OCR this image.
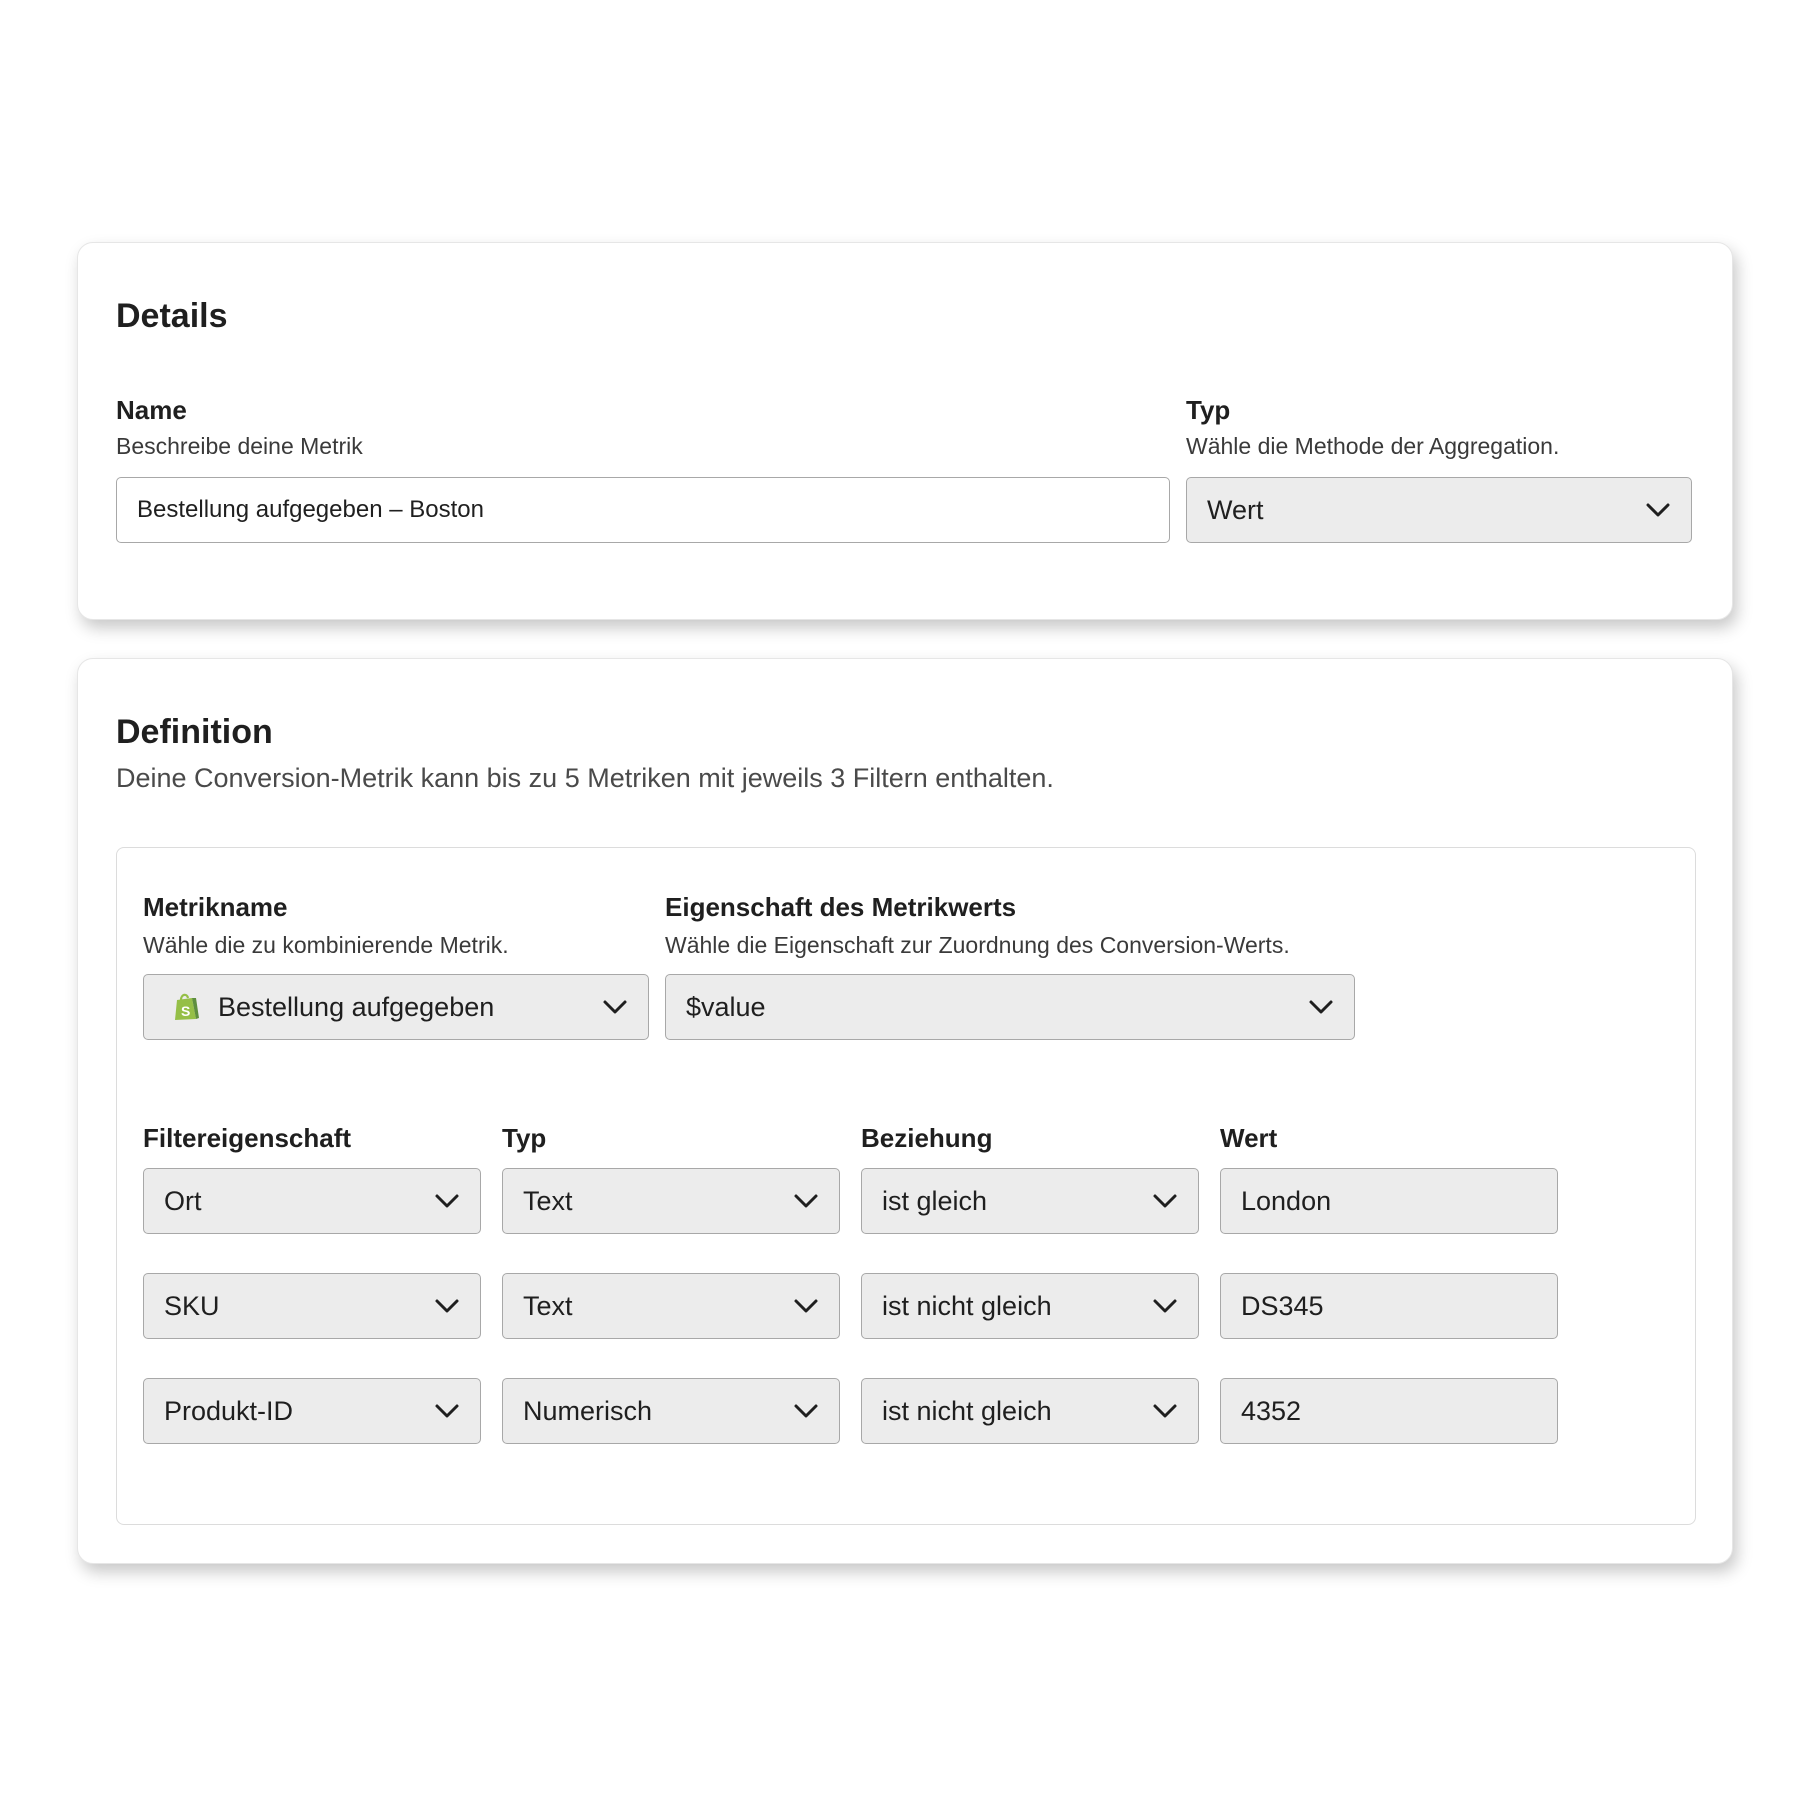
Details
Name
Beschreibe deine Metrik
Bestellung aufgegeben – Boston
Typ
Wähle die Methode der Aggregation.
Wert
Definition
Deine Conversion-Metrik kann bis zu 5 Metriken mit jeweils 3 Filtern enthalten.
Metrikname
Wähle die zu kombinierende Metrik.
S Bestellung aufgegeben
Eigenschaft des Metrikwerts
Wähle die Eigenschaft zur Zuordnung des Conversion-Werts.
$value
Filtereigenschaft	Typ	Beziehung	Wert
Ort	Text	ist gleich	London
SKU	Text	ist nicht gleich	DS345
Produkt-ID	Numerisch	ist nicht gleich	4352
